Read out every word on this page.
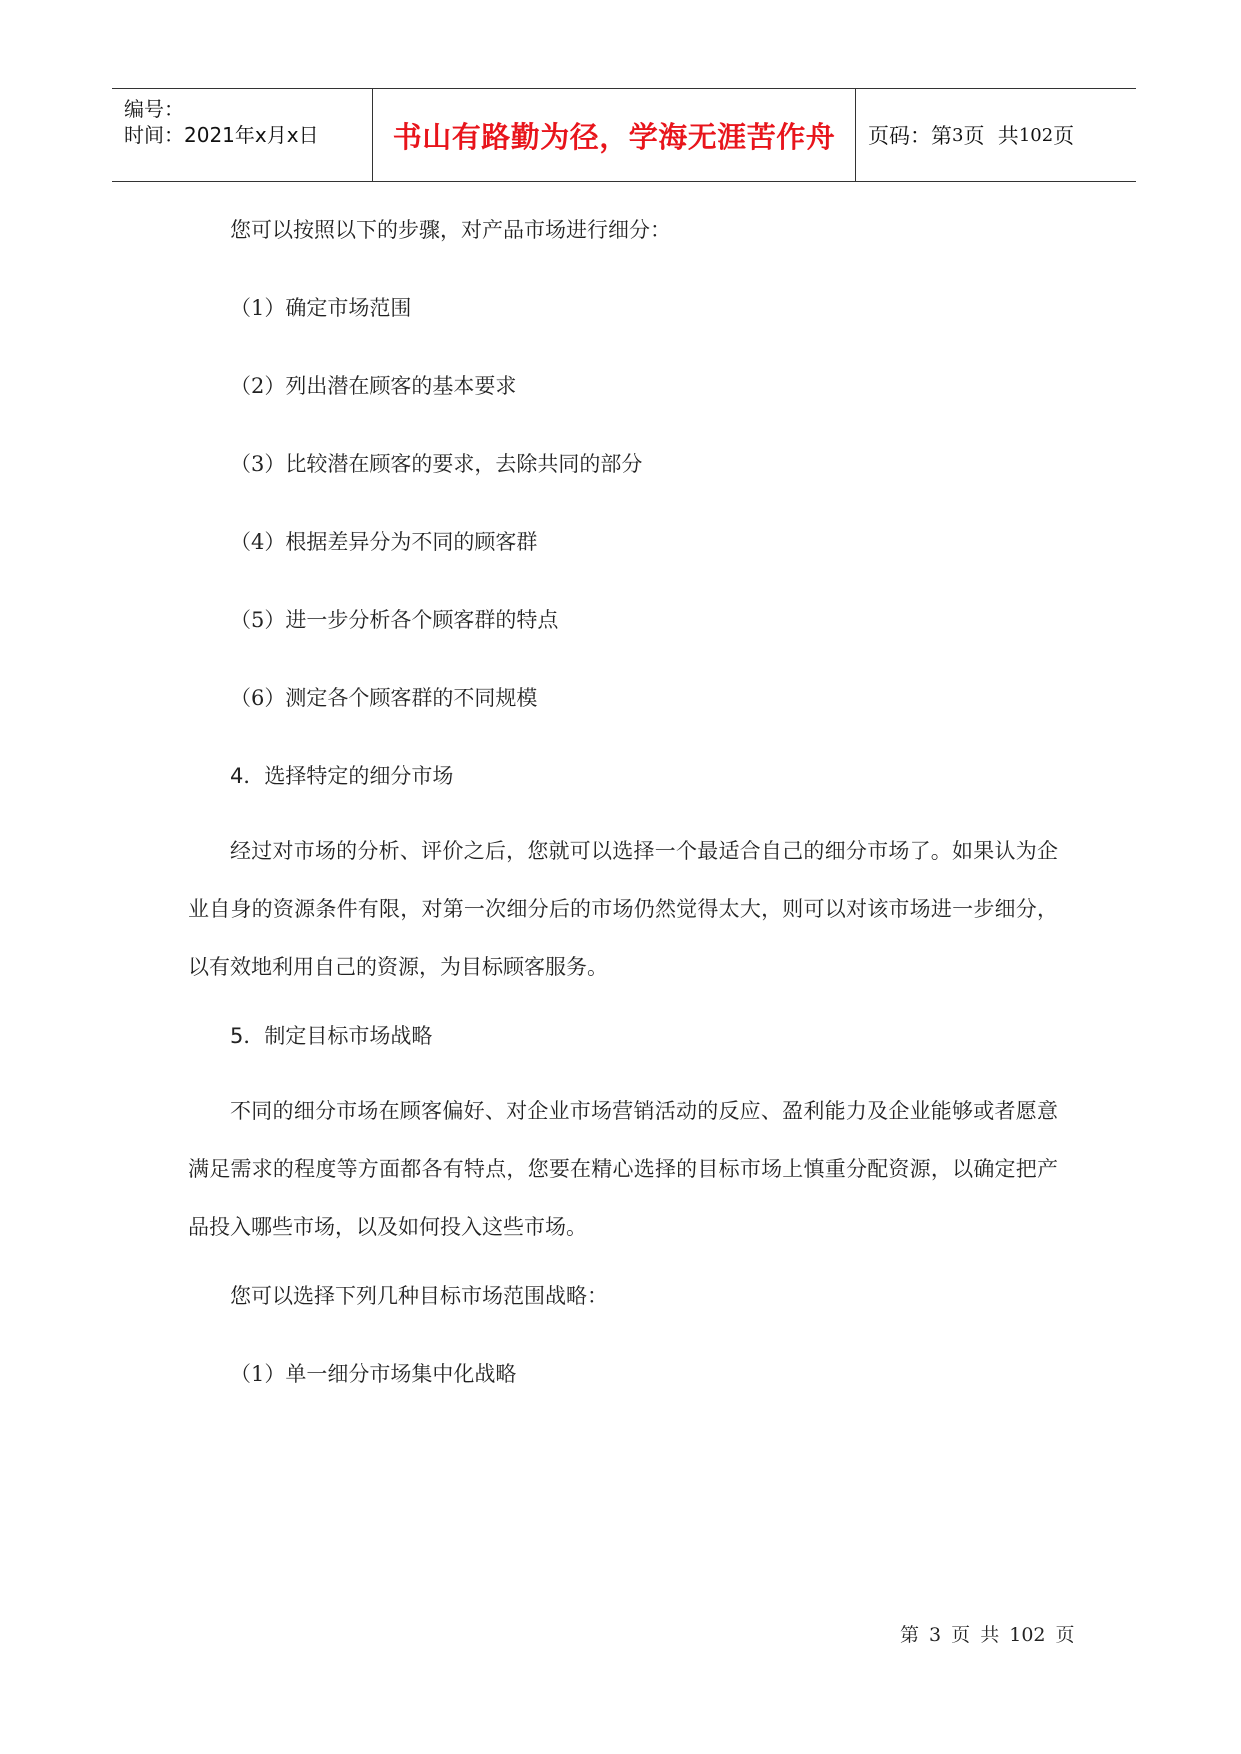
编号：
时间：2021年x月x日	书山有路勤为径，学海无涯苦作舟 页码：第 3 页  共 102 页
您可以按照以下的步骤，对产品市场进行细分：
（1）确定市场范围
（2）列出潜在顾客的基本要求
（3）比较潜在顾客的要求，去除共同的部分
（4）根据差异分为不同的顾客群
（5）进一步分析各个顾客群的特点
（6）测定各个顾客群的不同规模
4．选择特定的细分市场
经过对市场的分析、评价之后，您就可以选择一个最适合自己的细分市场了。如果认为企业自身的资源条件有限，对第一次细分后的市场仍然觉得太大，则可以对该市场进一步细分，以有效地利用自己的资源，为目标顾客服务。
5．制定目标市场战略
不同的细分市场在顾客偏好、对企业市场营销活动的反应、盈利能力及企业能够或者愿意满足需求的程度等方面都各有特点，您要在精心选择的目标市场上慎重分配资源，以确定把产品投入哪些市场，以及如何投入这些市场。
您可以选择下列几种目标市场范围战略：
（1）单一细分市场集中化战略
第 3 页 共 102 页
